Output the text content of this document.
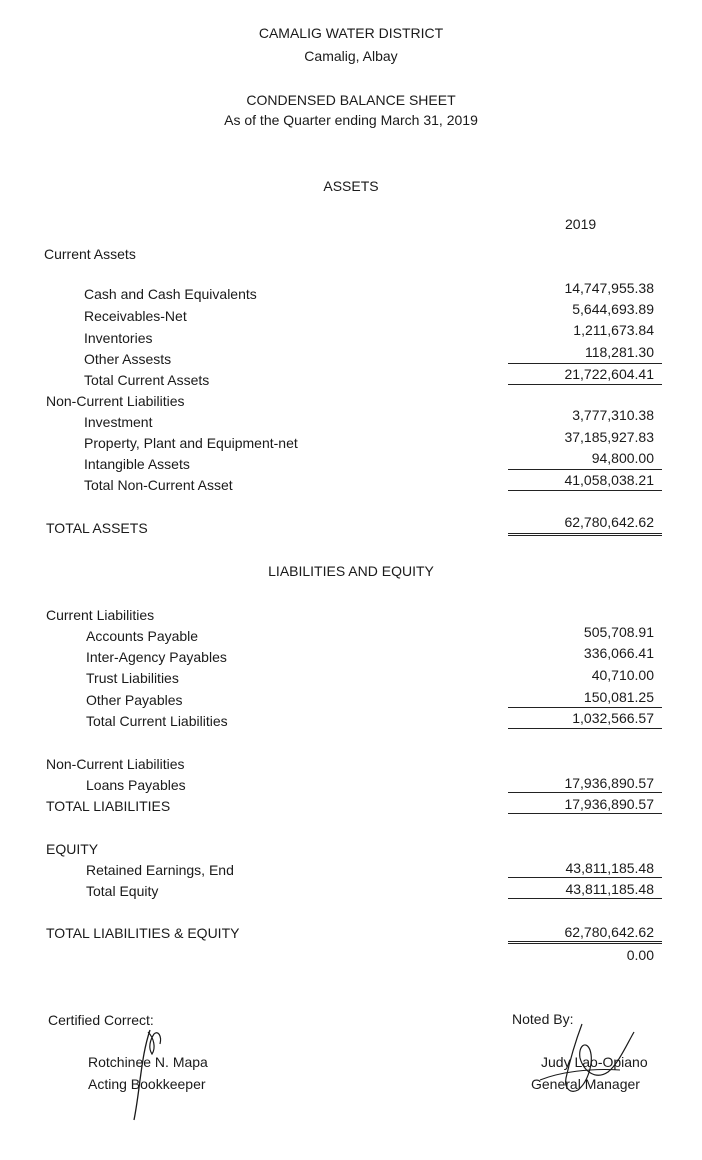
CAMALIG WATER DISTRICT
Camalig, Albay
CONDENSED BALANCE SHEET
As of the Quarter ending March 31, 2019
ASSETS
2019
Current Assets
Cash and Cash Equivalents	14,747,955.38
Receivables-Net	5,644,693.89
Inventories	1,211,673.84
Other Assests	118,281.30
Total Current Assets	21,722,604.41
Non-Current Liabilities
Investment	3,777,310.38
Property, Plant and Equipment-net	37,185,927.83
Intangible Assets	94,800.00
Total Non-Current Asset	41,058,038.21
TOTAL ASSETS	62,780,642.62
LIABILITIES AND EQUITY
Current Liabilities
Accounts Payable	505,708.91
Inter-Agency Payables	336,066.41
Trust Liabilities	40,710.00
Other Payables	150,081.25
Total Current Liabilities	1,032,566.57
Non-Current Liabilities
Loans Payables	17,936,890.57
TOTAL LIABILITIES	17,936,890.57
EQUITY
Retained Earnings, End	43,811,185.48
Total Equity	43,811,185.48
TOTAL LIABILITIES & EQUITY	62,780,642.62
0.00
Certified Correct:
Rotchinee N. Mapa
Acting Bookkeeper
Noted By:
Judy Lao-Opiano
General Manager
